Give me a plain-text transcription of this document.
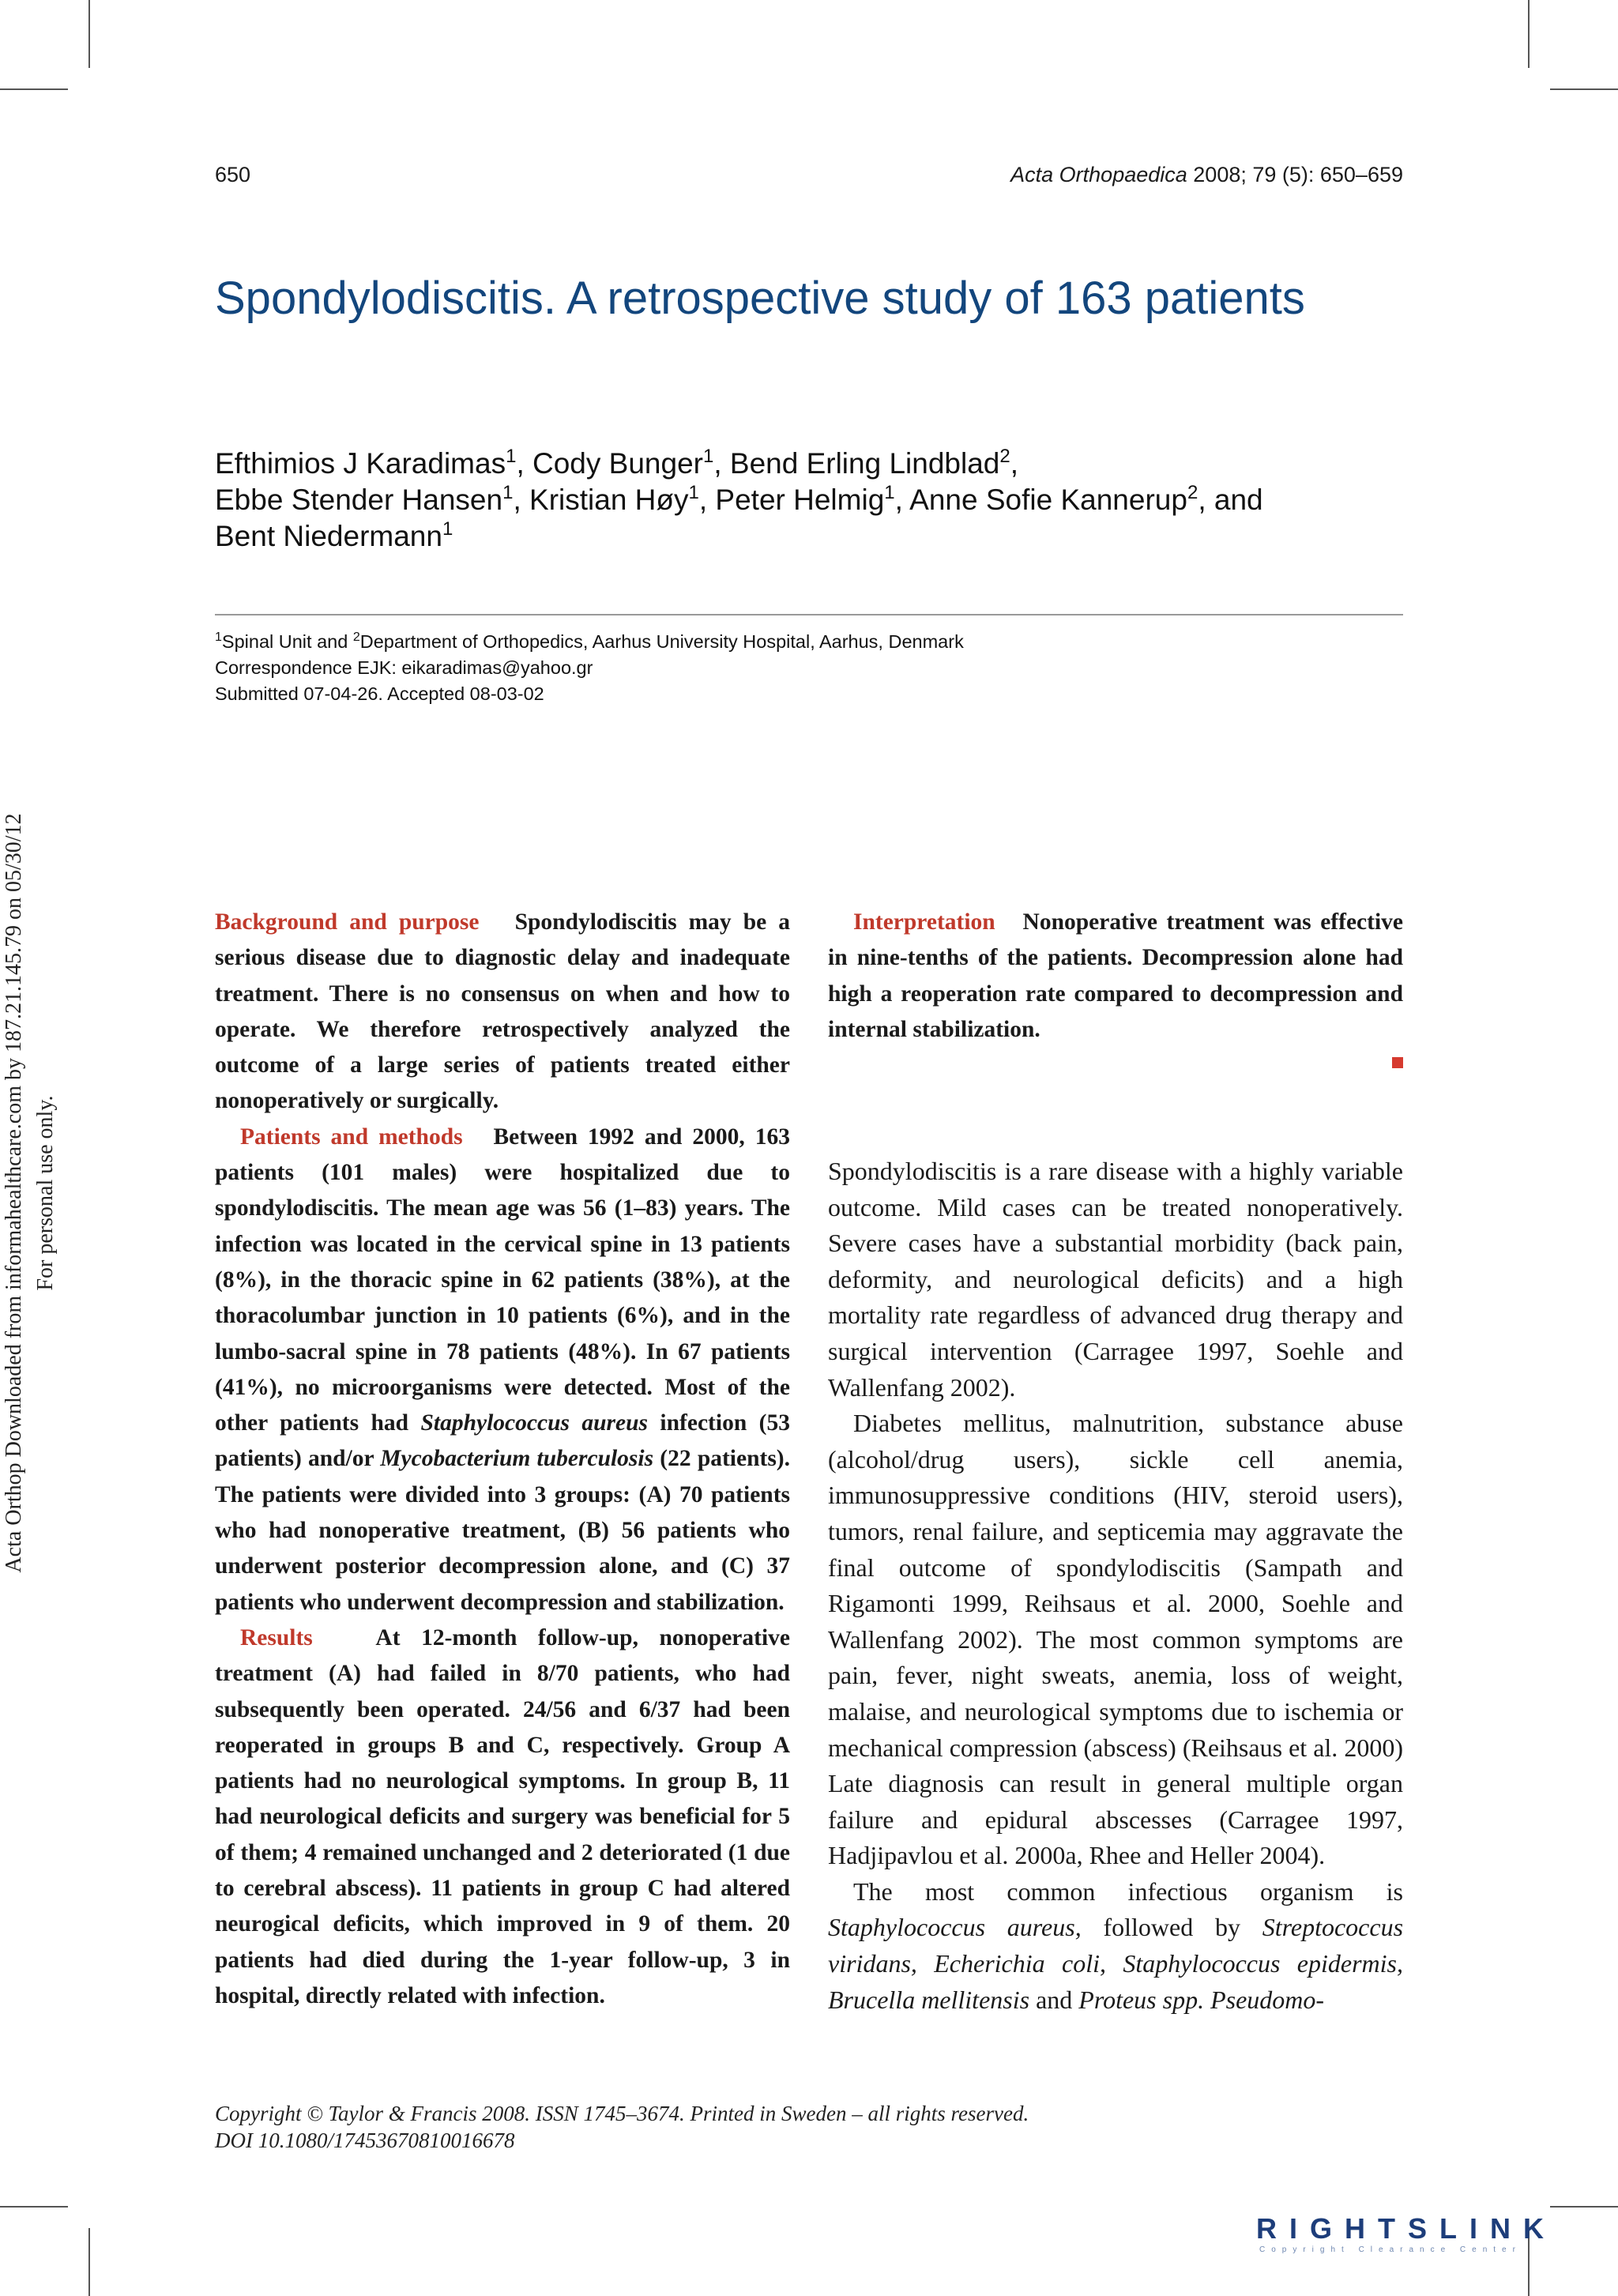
Acta Orthop Downloaded from informahealthcare.com by 187.21.145.79 on 05/30/12 For personal use only.
650	Acta Orthopaedica 2008; 79 (5): 650–659
Spondylodiscitis. A retrospective study of 163 patients
Efthimios J Karadimas$^1$, Cody Bunger$^1$, Bend Erling Lindblad$^2$,
Ebbe Stender Hansen$^1$, Kristian Høy$^1$, Peter Helmig$^1$, Anne Sofie Kannerup$^2$, and
Bent Niedermann$^1$
$^1$Spinal Unit and $^2$Department of Orthopedics, Aarhus University Hospital, Aarhus, Denmark
Correspondence EJK: eikaradimas@yahoo.gr
Submitted 07-04-26. Accepted 08-03-02

Background and purpose Spondylodiscitis may be a serious disease due to diagnostic delay and inadequate treatment. There is no consensus on when and how to operate. We therefore retrospectively analyzed the outcome of a large series of patients treated either nonoperatively or surgically.

Patients and methods Between 1992 and 2000, 163 patients (101 males) were hospitalized due to spondylodiscitis. The mean age was 56 (1–83) years. The infection was located in the cervical spine in 13 patients (8%), in the thoracic spine in 62 patients (38%), at the thoracolumbar junction in 10 patients (6%), and in the lumbo-sacral spine in 78 patients (48%). In 67 patients (41%), no microorganisms were detected. Most of the other patients had Staphylococcus aureus infection (53 patients) and/or Mycobacterium tuberculosis (22 patients). The patients were divided into 3 groups: (A) 70 patients who had nonoperative treatment, (B) 56 patients who underwent posterior decompression alone, and (C) 37 patients who underwent decompression and stabilization.

Results	At 12-month follow-up, nonoperative treatment (A) had failed in 8/70 patients, who had subsequently been operated. 24/56 and 6/37 had been reoperated in groups B and C, respectively. Group A patients had no neurological symptoms. In group B, 11 had neurological deficits and surgery was beneficial for 5 of them; 4 remained unchanged and 2 deteriorated (1 due to cerebral abscess). 11 patients in group C had altered neurogical deficits, which improved in 9 of them. 20 patients had died during the 1-year follow-up, 3 in hospital, directly related with infection.

Interpretation Nonoperative treatment was effective in nine-tenths of the patients. Decompression alone had high a reoperation rate compared to decompression and internal stabilization.

Spondylodiscitis is a rare disease with a highly variable outcome. Mild cases can be treated nonoperatively. Severe cases have a substantial morbidity (back pain, deformity, and neurological deficits) and a high mortality rate regardless of advanced drug therapy and surgical intervention (Carragee 1997, Soehle and Wallenfang 2002).

Diabetes mellitus, malnutrition, substance abuse (alcohol/drug users), sickle cell anemia, immunosuppressive conditions (HIV, steroid users), tumors, renal failure, and septicemia may aggravate the final outcome of spondylodiscitis (Sampath and Rigamonti 1999, Reihsaus et al. 2000, Soehle and Wallenfang 2002). The most common symptoms are pain, fever, night sweats, anemia, loss of weight, malaise, and neurological symptoms due to ischemia or mechanical compression (abscess) (Reihsaus et al. 2000) Late diagnosis can result in general multiple organ failure and epidural abscesses (Carragee 1997, Hadjipavlou et al. 2000a, Rhee and Heller 2004).

The most common infectious organism is Staphylococcus aureus, followed by Streptococcus viridans, Echerichia coli, Staphylococcus epidermis, Brucella mellitensis and Proteus spp. Pseudomo-

Copyright © Taylor & Francis 2008. ISSN 1745–3674. Printed in Sweden – all rights reserved.
DOI 10.1080/17453670810016678
RIGHTSLINK
Copyright Clearance Center
